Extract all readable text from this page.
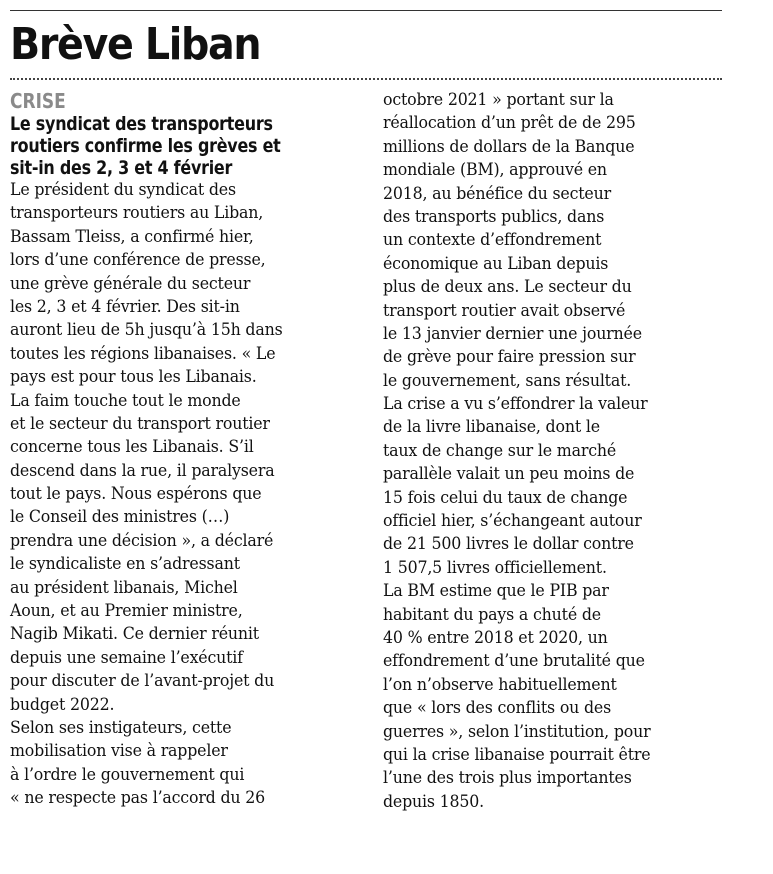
Brève Liban
CRISE
Le syndicat des transporteurs
routiers confirme les grèves et
sit-in des 2, 3 et 4 février
Le président du syndicat des
transporteurs routiers au Liban,
Bassam Tleiss, a confirmé hier,
lors d’une conférence de presse,
une grève générale du secteur
les 2, 3 et 4 février. Des sit-in
auront lieu de 5h jusqu’à 15h dans
toutes les régions libanaises. « Le
pays est pour tous les Libanais.
La faim touche tout le monde
et le secteur du transport routier
concerne tous les Libanais. S’il
descend dans la rue, il paralysera
tout le pays. Nous espérons que
le Conseil des ministres (…)
prendra une décision », a déclaré
le syndicaliste en s’adressant
au président libanais, Michel
Aoun, et au Premier ministre,
Nagib Mikati. Ce dernier réunit
depuis une semaine l’exécutif
pour discuter de l’avant-projet du
budget 2022.
Selon ses instigateurs, cette
mobilisation vise à rappeler
à l’ordre le gouvernement qui
« ne respecte pas l’accord du 26
octobre 2021 » portant sur la
réallocation d’un prêt de de 295
millions de dollars de la Banque
mondiale (BM), approuvé en
2018, au bénéfice du secteur
des transports publics, dans
un contexte d’effondrement
économique au Liban depuis
plus de deux ans. Le secteur du
transport routier avait observé
le 13 janvier dernier une journée
de grève pour faire pression sur
le gouvernement, sans résultat.
La crise a vu s’effondrer la valeur
de la livre libanaise, dont le
taux de change sur le marché
parallèle valait un peu moins de
15 fois celui du taux de change
officiel hier, s’échangeant autour
de 21 500 livres le dollar contre
1 507,5 livres officiellement.
La BM estime que le PIB par
habitant du pays a chuté de
40 % entre 2018 et 2020, un
effondrement d’une brutalité que
l’on n’observe habituellement
que « lors des conflits ou des
guerres », selon l’institution, pour
qui la crise libanaise pourrait être
l’une des trois plus importantes
depuis 1850.
